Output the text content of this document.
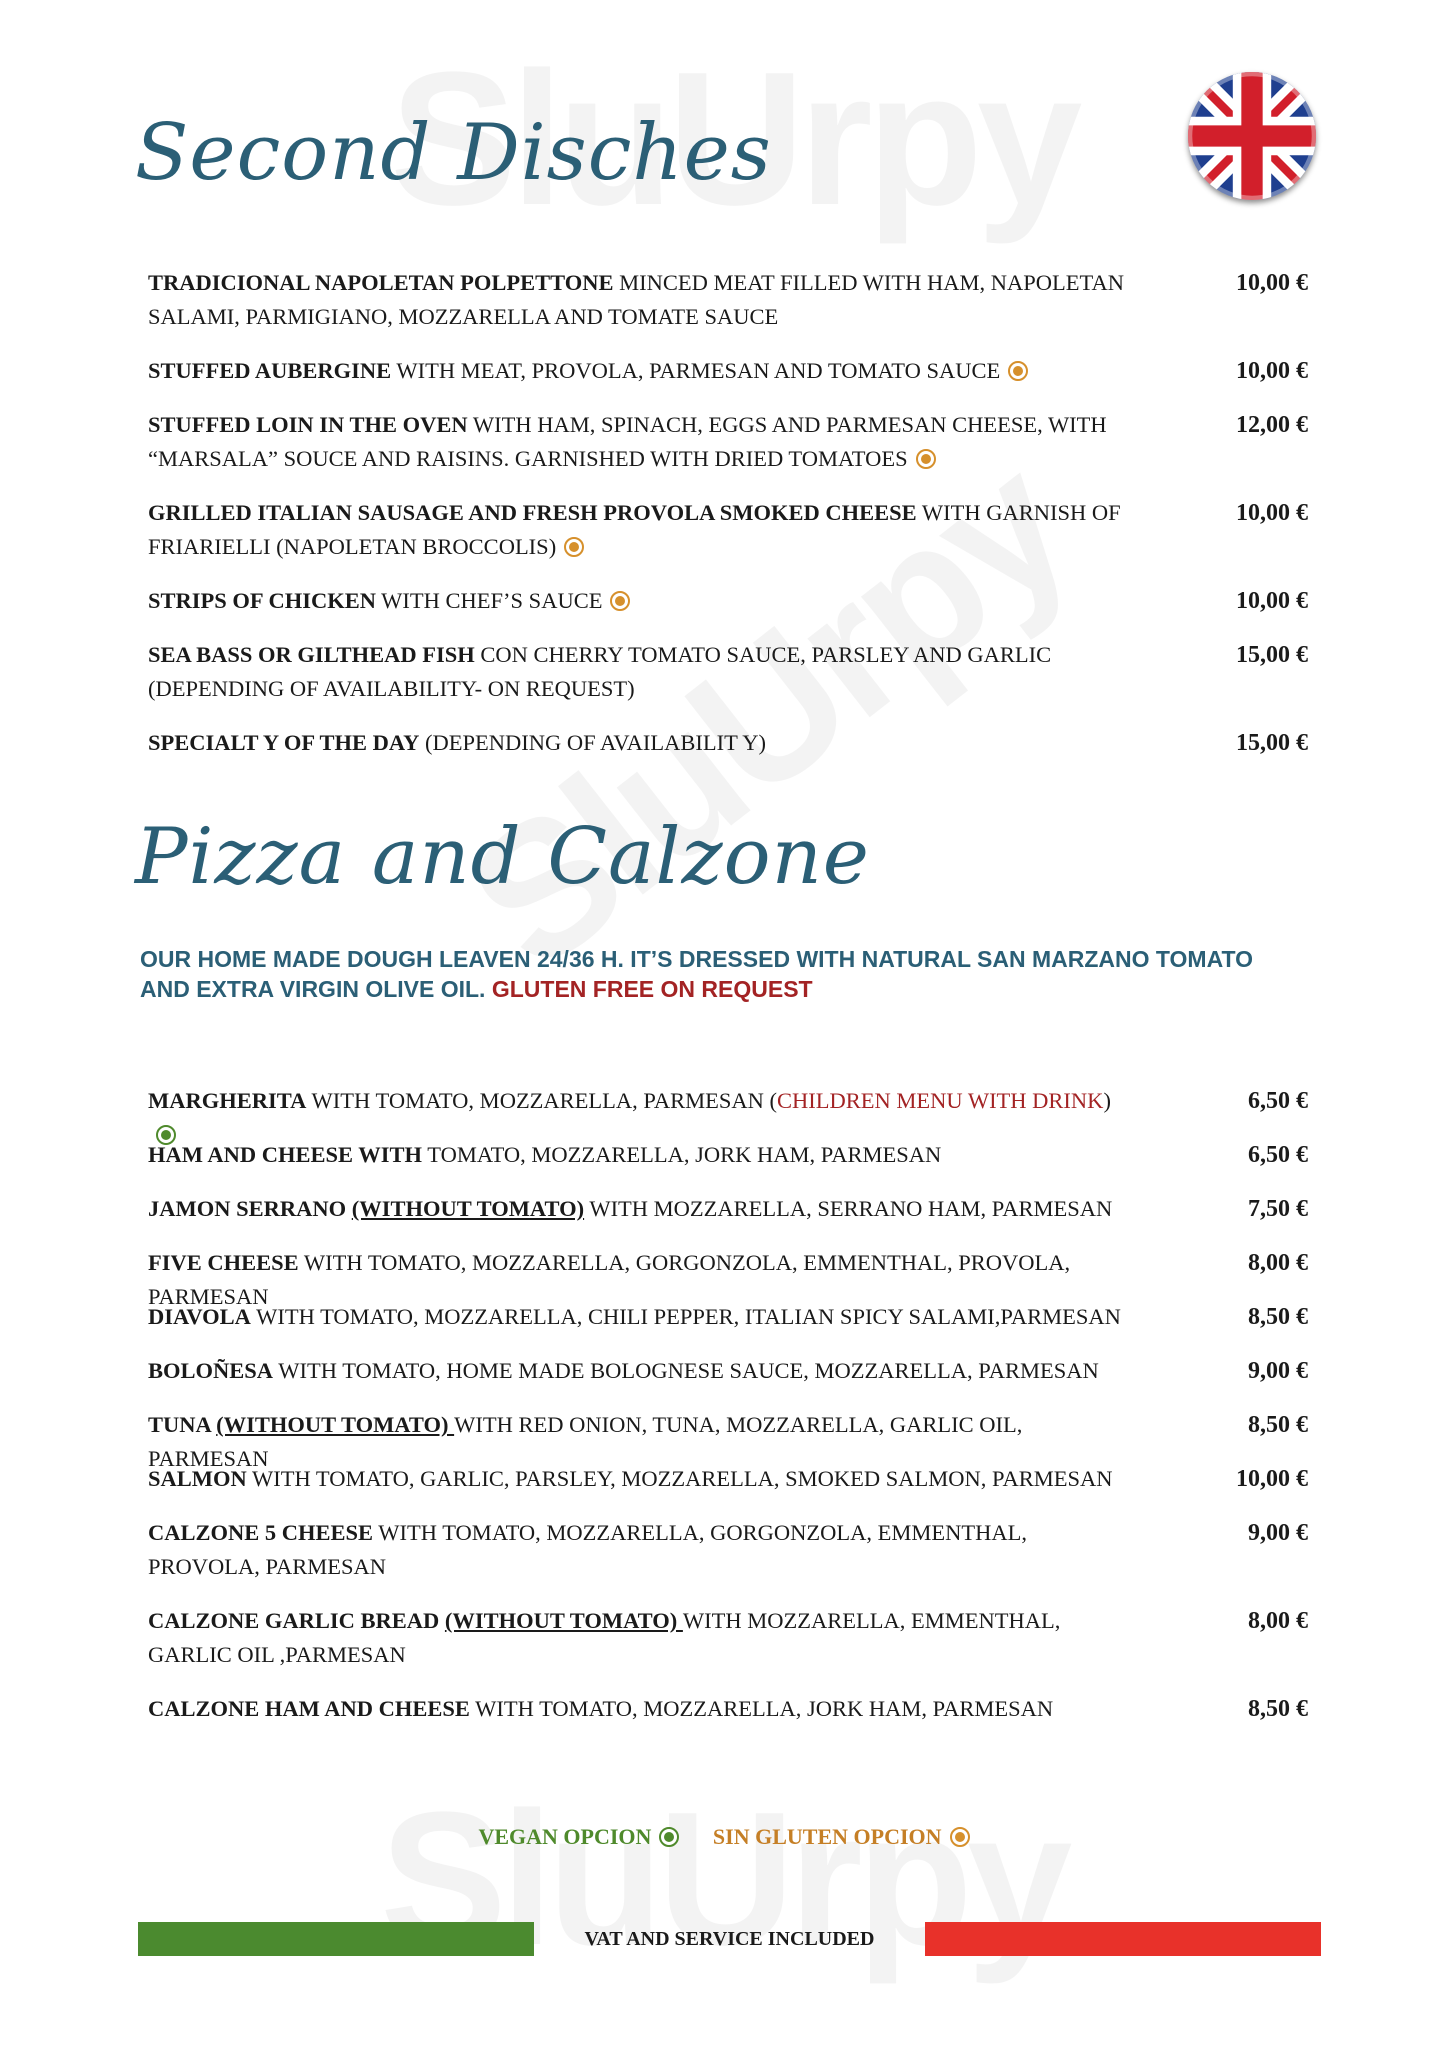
Second Disches
TRADICIONAL NAPOLETAN POLPETTONE MINCED MEAT FILLED WITH HAM, NAPOLETAN SALAMI, PARMIGIANO, MOZZARELLA AND TOMATE SAUCE
10,00 €
STUFFED AUBERGINE WITH MEAT, PROVOLA, PARMESAN AND TOMATO SAUCE	10,00 €
STUFFED LOIN IN THE OVEN WITH HAM, SPINACH, EGGS AND PARMESAN CHEESE, WITH “MARSALA” SOUCE AND RAISINS. GARNISHED WITH DRIED TOMATOES
12,00 €
GRILLED ITALIAN SAUSAGE AND FRESH PROVOLA SMOKED CHEESE WITH GARNISH OF FRIARIELLI (NAPOLETAN BROCCOLIS)
10,00 €
STRIPS OF CHICKEN WITH CHEF’S SAUCE	10,00 €
SEA BASS OR GILTHEAD FISH CON CHERRY TOMATO SAUCE, PARSLEY AND GARLIC (DEPENDING OF AVAILABILITY- ON REQUEST)
15,00 €
SPECIALT Y OF THE DAY (DEPENDING OF AVAILABILIT Y)	15,00 €
Pizza and Calzone
OUR HOME MADE DOUGH LEAVEN 24/36 H. IT’S DRESSED WITH NATURAL SAN MARZANO TOMATO AND EXTRA VIRGIN OLIVE OIL. GLUTEN FREE ON REQUEST
MARGHERITA WITH TOMATO, MOZZARELLA, PARMESAN (CHILDREN MENU WITH DRINK)	6,50 €
HAM AND CHEESE WITH TOMATO, MOZZARELLA, JORK HAM, PARMESAN	6,50 €
JAMON SERRANO (WITHOUT TOMATO) WITH MOZZARELLA, SERRANO HAM, PARMESAN	7,50 €
FIVE CHEESE WITH TOMATO, MOZZARELLA, GORGONZOLA, EMMENTHAL, PROVOLA, PARMESAN
8,00 €
DIAVOLA WITH TOMATO, MOZZARELLA, CHILI PEPPER, ITALIAN SPICY SALAMI,PARMESAN	8,50 €
BOLOÑESA WITH TOMATO, HOME MADE BOLOGNESE SAUCE, MOZZARELLA, PARMESAN	9,00 €
TUNA (WITHOUT TOMATO) WITH RED ONION, TUNA, MOZZARELLA, GARLIC OIL, PARMESAN
8,50 €
SALMON WITH TOMATO, GARLIC, PARSLEY, MOZZARELLA, SMOKED SALMON, PARMESAN	10,00 €
CALZONE 5 CHEESE WITH TOMATO, MOZZARELLA, GORGONZOLA, EMMENTHAL, PROVOLA, PARMESAN
9,00 €
CALZONE GARLIC BREAD (WITHOUT TOMATO) WITH MOZZARELLA, EMMENTHAL, GARLIC OIL ,PARMESAN
8,00 €
CALZONE HAM AND CHEESE WITH TOMATO, MOZZARELLA, JORK HAM, PARMESAN	8,50 €
VEGAN OPCION	SIN GLUTEN OPCION
VAT AND SERVICE INCLUDED
